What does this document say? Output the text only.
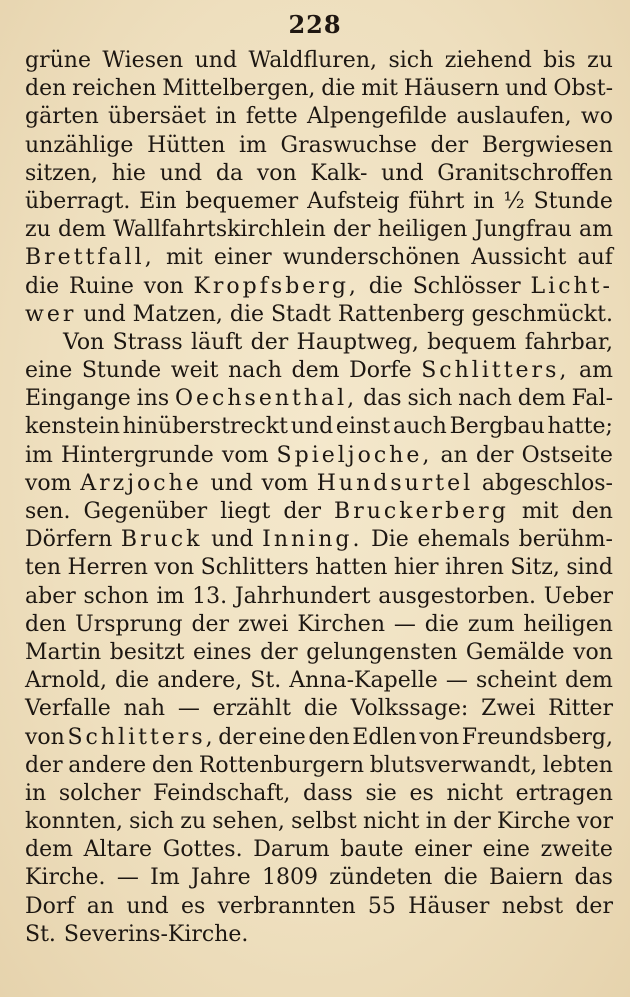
228
grüne Wiesen und Waldfluren, sich ziehend bis zu
den reichen Mittelbergen, die mit Häusern und Obst-
gärten übersäet in fette Alpengefilde auslaufen, wo
unzählige Hütten im Graswuchse der Bergwiesen
sitzen, hie und da von Kalk- und Granitschroffen
überragt. Ein bequemer Aufsteig führt in ½ Stunde
zu dem Wallfahrtskirchlein der heiligen Jungfrau am
Brettfall, mit einer wunderschönen Aussicht auf
die Ruine von Kropfsberg, die Schlösser Licht-
wer und Matzen, die Stadt Rattenberg geschmückt.
Von Strass läuft der Hauptweg, bequem fahrbar,
eine Stunde weit nach dem Dorfe Schlitters, am
Eingange ins Oechsenthal, das sich nach dem Fal-
kenstein hinüberstreckt und einst auch Bergbau hatte;
im Hintergrunde vom Spieljoche, an der Ostseite
vom Arzjoche und vom Hundsurtel abgeschlos-
sen. Gegenüber liegt der Bruckerberg mit den
Dörfern Bruck und Inning. Die ehemals berühm-
ten Herren von Schlitters hatten hier ihren Sitz, sind
aber schon im 13. Jahrhundert ausgestorben. Ueber
den Ursprung der zwei Kirchen — die zum heiligen
Martin besitzt eines der gelungensten Gemälde von
Arnold, die andere, St. Anna-Kapelle — scheint dem
Verfalle nah — erzählt die Volkssage: Zwei Ritter
von Schlitters, der eine den Edlen von Freundsberg,
der andere den Rottenburgern blutsverwandt, lebten
in solcher Feindschaft, dass sie es nicht ertragen
konnten, sich zu sehen, selbst nicht in der Kirche vor
dem Altare Gottes. Darum baute einer eine zweite
Kirche. — Im Jahre 1809 zündeten die Baiern das
Dorf an und es verbrannten 55 Häuser nebst der
St. Severins-Kirche.
